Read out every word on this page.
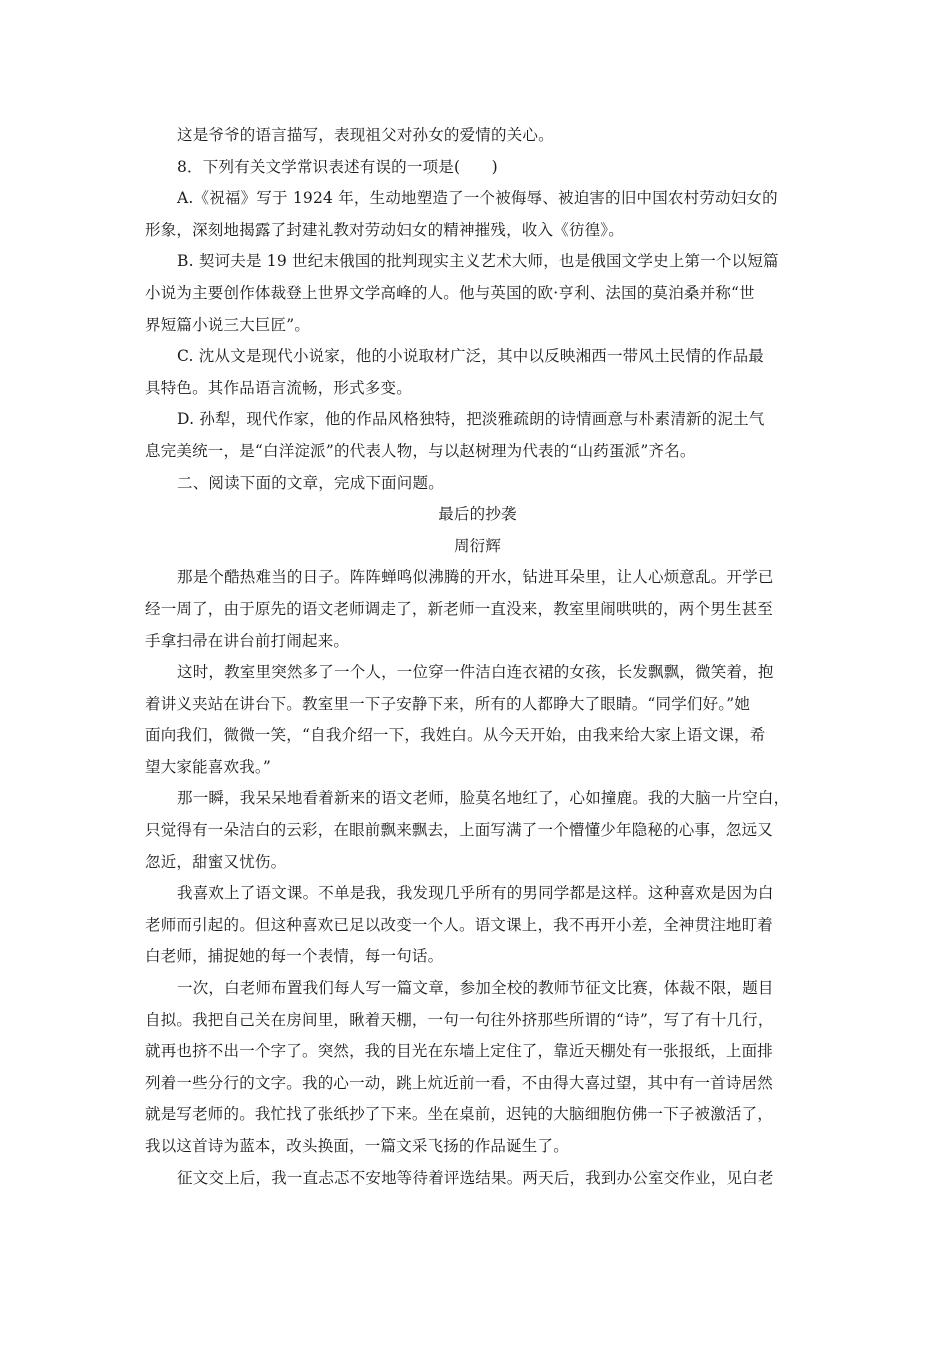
这是爷爷的语言描写，表现祖父对孙女的爱情的关心。
8．下列有关文学常识表述有误的一项是(　　)
A.《祝福》写于 1924 年，生动地塑造了一个被侮辱、被迫害的旧中国农村劳动妇女的
形象，深刻地揭露了封建礼教对劳动妇女的精神摧残，收入《彷徨》。
B. 契诃夫是 19 世纪末俄国的批判现实主义艺术大师，也是俄国文学史上第一个以短篇
小说为主要创作体裁登上世界文学高峰的人。他与英国的欧·亨利、法国的莫泊桑并称“世
界短篇小说三大巨匠”。
C. 沈从文是现代小说家，他的小说取材广泛，其中以反映湘西一带风土民情的作品最
具特色。其作品语言流畅，形式多变。
D. 孙犁，现代作家，他的作品风格独特，把淡雅疏朗的诗情画意与朴素清新的泥土气
息完美统一，是“白洋淀派”的代表人物，与以赵树理为代表的“山药蛋派”齐名。
二、阅读下面的文章，完成下面问题。
最后的抄袭
周衍辉
那是个酷热难当的日子。阵阵蝉鸣似沸腾的开水，钻进耳朵里，让人心烦意乱。开学已
经一周了，由于原先的语文老师调走了，新老师一直没来，教室里闹哄哄的，两个男生甚至
手拿扫帚在讲台前打闹起来。
这时，教室里突然多了一个人，一位穿一件洁白连衣裙的女孩，长发飘飘，微笑着，抱
着讲义夹站在讲台下。教室里一下子安静下来，所有的人都睁大了眼睛。“同学们好。”她
面向我们，微微一笑，“自我介绍一下，我姓白。从今天开始，由我来给大家上语文课，希
望大家能喜欢我。”
那一瞬，我呆呆地看着新来的语文老师，脸莫名地红了，心如撞鹿。我的大脑一片空白，
只觉得有一朵洁白的云彩，在眼前飘来飘去，上面写满了一个懵懂少年隐秘的心事，忽远又
忽近，甜蜜又忧伤。
我喜欢上了语文课。不单是我，我发现几乎所有的男同学都是这样。这种喜欢是因为白
老师而引起的。但这种喜欢已足以改变一个人。语文课上，我不再开小差，全神贯注地盯着
白老师，捕捉她的每一个表情，每一句话。
一次，白老师布置我们每人写一篇文章，参加全校的教师节征文比赛，体裁不限，题目
自拟。我把自己关在房间里，瞅着天棚，一句一句往外挤那些所谓的“诗”，写了有十几行，
就再也挤不出一个字了。突然，我的目光在东墙上定住了，靠近天棚处有一张报纸，上面排
列着一些分行的文字。我的心一动，跳上炕近前一看，不由得大喜过望，其中有一首诗居然
就是写老师的。我忙找了张纸抄了下来。坐在桌前，迟钝的大脑细胞仿佛一下子被激活了，
我以这首诗为蓝本，改头换面，一篇文采飞扬的作品诞生了。
征文交上后，我一直忐忑不安地等待着评选结果。两天后，我到办公室交作业，见白老
